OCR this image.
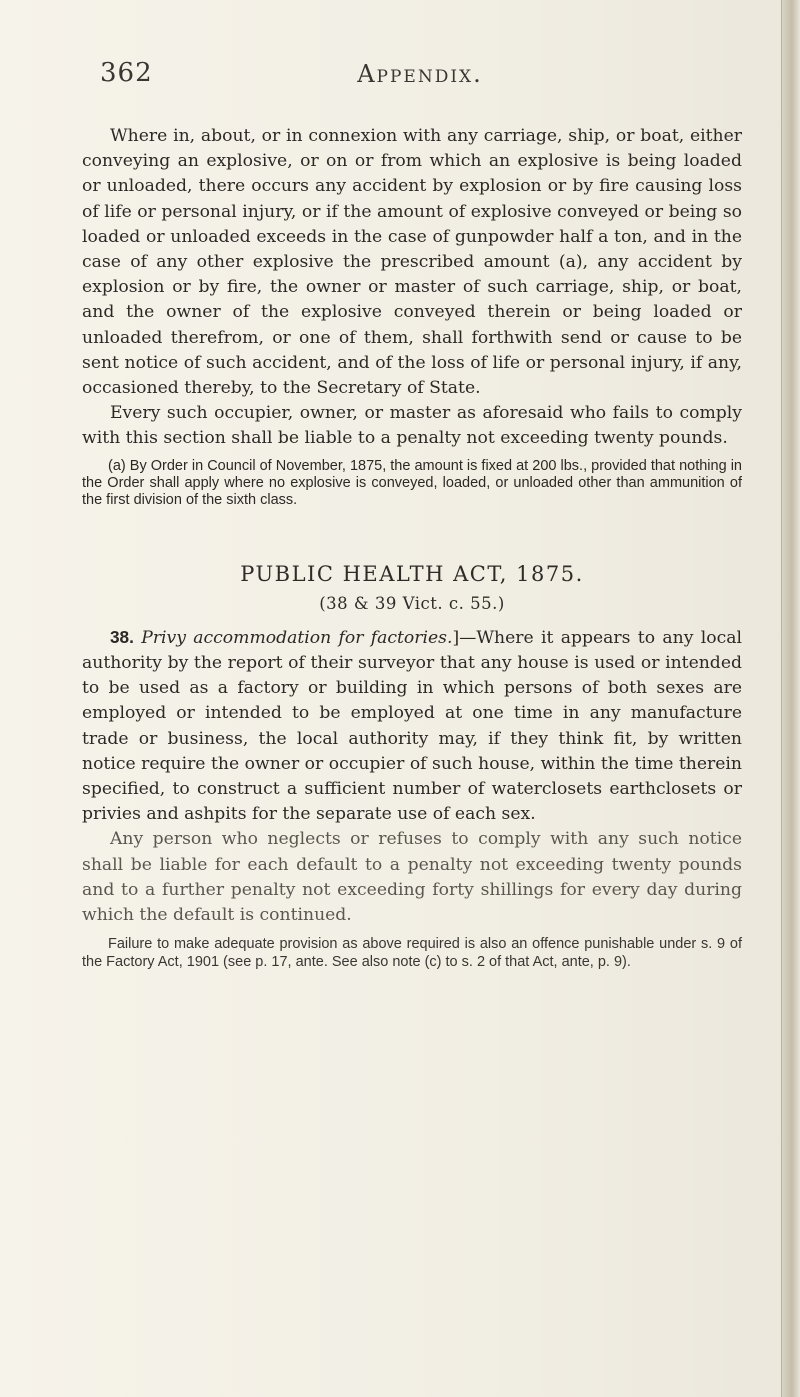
362	Appendix.

Where in, about, or in connexion with any carriage, ship, or boat, either conveying an explosive, or on or from which an explosive is being loaded or unloaded, there occurs any accident by explosion or by fire causing loss of life or personal injury, or if the amount of explosive conveyed or being so loaded or unloaded exceeds in the case of gunpowder half a ton, and in the case of any other explosive the prescribed amount (a), any accident by explosion or by fire, the owner or master of such carriage, ship, or boat, and the owner of the explosive conveyed therein or being loaded or unloaded therefrom, or one of them, shall forthwith send or cause to be sent notice of such accident, and of the loss of life or personal injury, if any, occasioned thereby, to the Secretary of State.

Every such occupier, owner, or master as aforesaid who fails to comply with this section shall be liable to a penalty not exceeding twenty pounds.

(a) By Order in Council of November, 1875, the amount is fixed at 200 lbs., provided that nothing in the Order shall apply where no explosive is conveyed, loaded, or unloaded other than ammunition of the first division of the sixth class.

PUBLIC HEALTH ACT, 1875.

(38 & 39 Vict. c. 55.)

38. Privy accommodation for factories.]—Where it appears to any local authority by the report of their surveyor that any house is used or intended to be used as a factory or building in which persons of both sexes are employed or intended to be employed at one time in any manufacture trade or business, the local authority may, if they think fit, by written notice require the owner or occupier of such house, within the time therein specified, to construct a sufficient number of waterclosets earthclosets or privies and ashpits for the separate use of each sex.

Any person who neglects or refuses to comply with any such notice shall be liable for each default to a penalty not exceeding twenty pounds and to a further penalty not exceeding forty shillings for every day during which the default is continued.

Failure to make adequate provision as above required is also an offence punishable under s. 9 of the Factory Act, 1901 (see p. 17, ante. See also note (c) to s. 2 of that Act, ante, p. 9).
